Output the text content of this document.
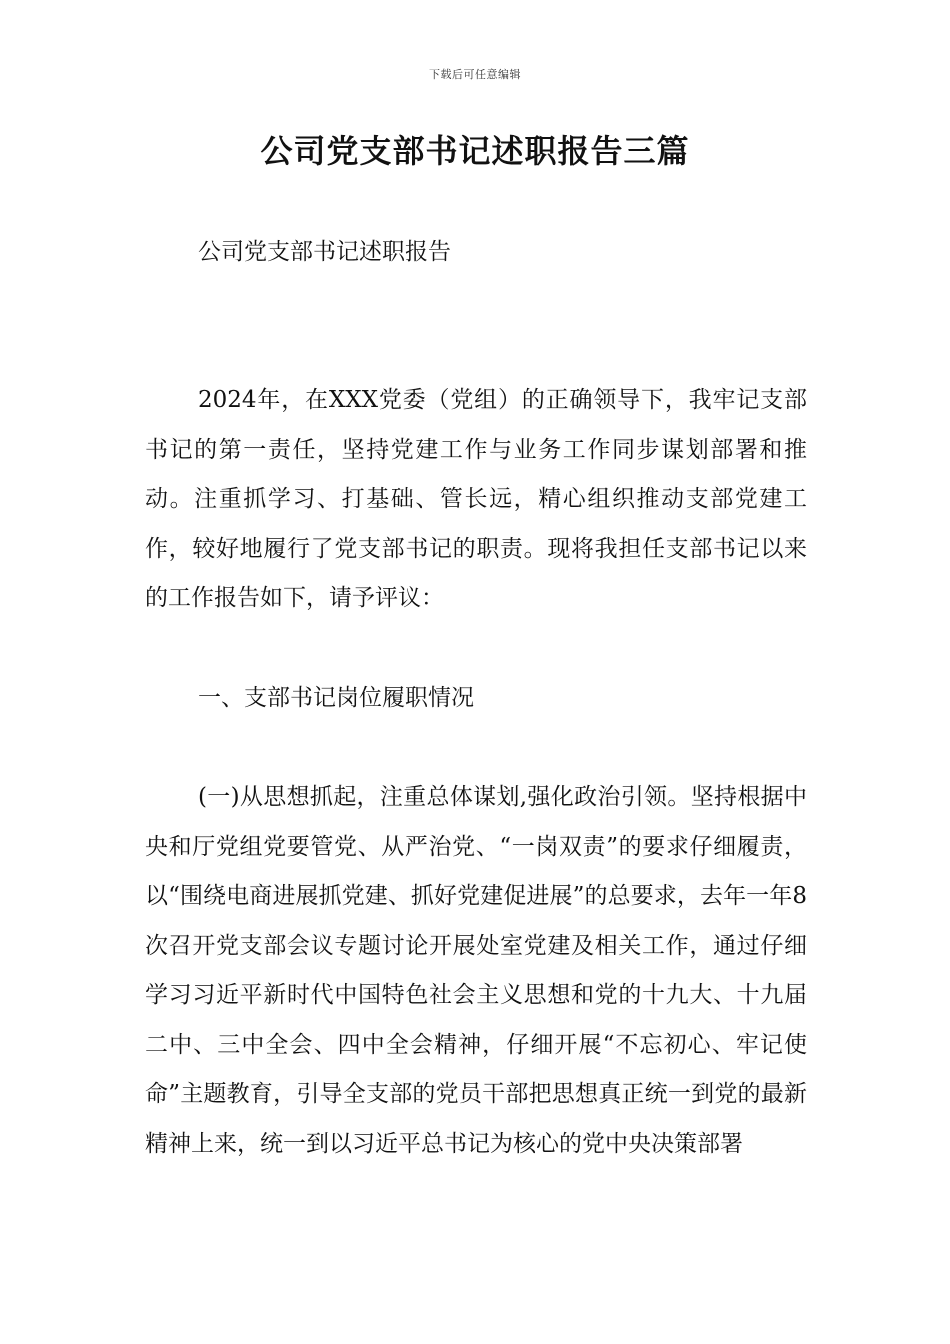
下载后可任意编辑
公司党支部书记述职报告三篇

公司党支部书记述职报告

2024年，在XXX党委（党组）的正确领导下，我牢记支部书记的第一责任，坚持党建工作与业务工作同步谋划部署和推动。注重抓学习、打基础、管长远，精心组织推动支部党建工作，较好地履行了党支部书记的职责。现将我担任支部书记以来的工作报告如下，请予评议：

一、支部书记岗位履职情况

(一)从思想抓起，注重总体谋划,强化政治引领。坚持根据中央和厅党组党要管党、从严治党、“一岗双责”的要求仔细履责，以“围绕电商进展抓党建、抓好党建促进展”的总要求，去年一年8次召开党支部会议专题讨论开展处室党建及相关工作，通过仔细学习习近平新时代中国特色社会主义思想和党的十九大、十九届二中、三中全会、四中全会精神，仔细开展“不忘初心、牢记使命”主题教育，引导全支部的党员干部把思想真正统一到党的最新精神上来，统一到以习近平总书记为核心的党中央决策部署
